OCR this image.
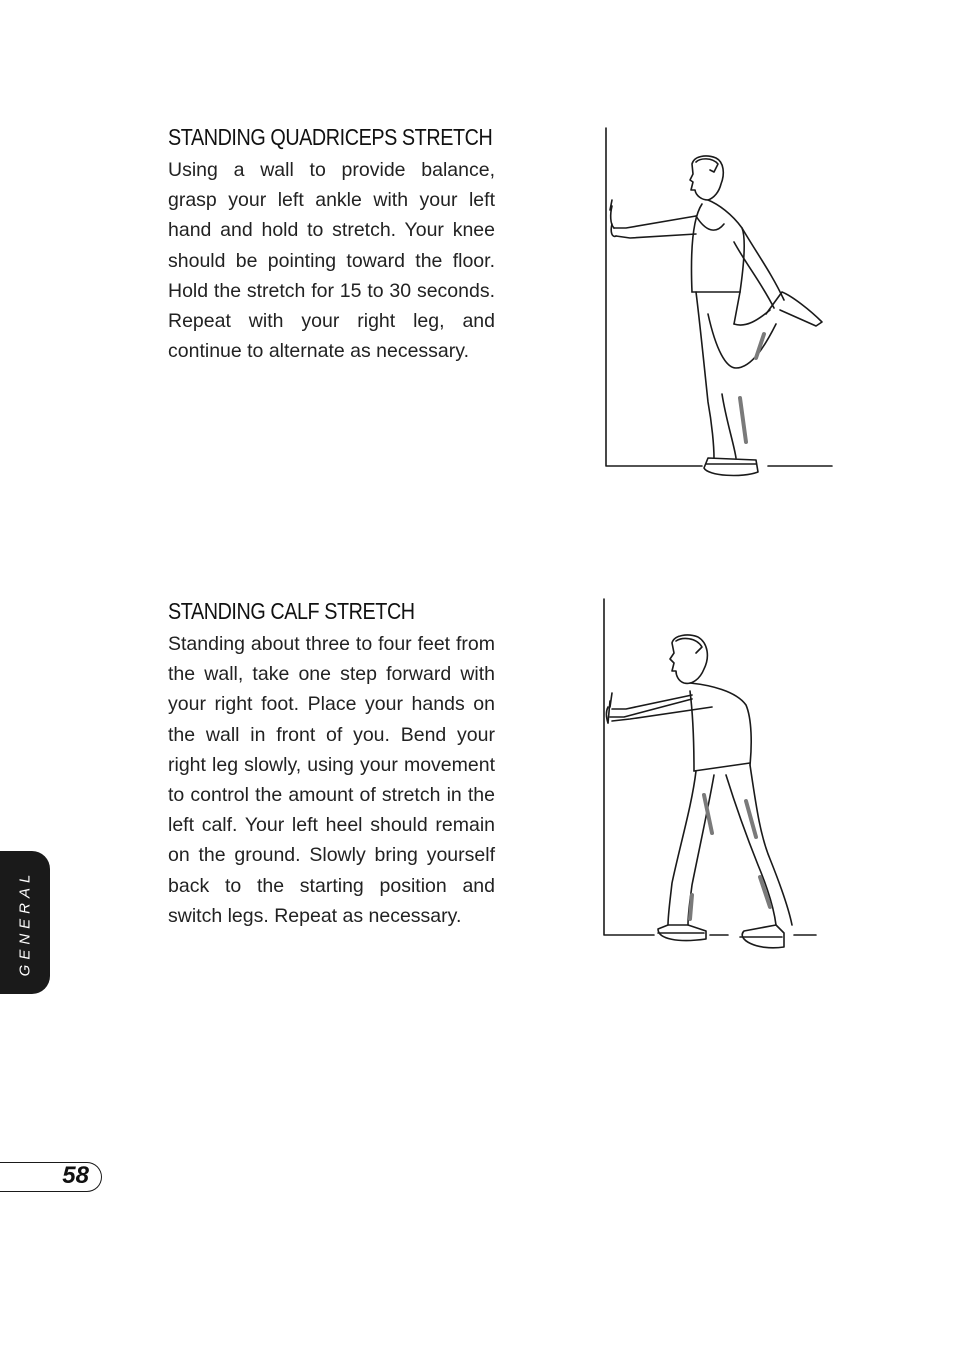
STANDING QUADRICEPS STRETCH

Using a wall to provide balance, grasp your left ankle with your left hand and hold to stretch. Your knee should be pointing toward the floor. Hold the stretch for 15 to 30 seconds. Repeat with your right leg, and continue to alternate as necessary.

STANDING CALF STRETCH

Standing about three to four feet from the wall, take one step forward with your right foot. Place your hands on the wall in front of you. Bend your right leg slowly, using your movement to control the amount of stretch in the left calf. Your left heel should remain on the ground. Slowly bring yourself back to the starting position and switch legs. Repeat as necessary.

GENERAL
58
